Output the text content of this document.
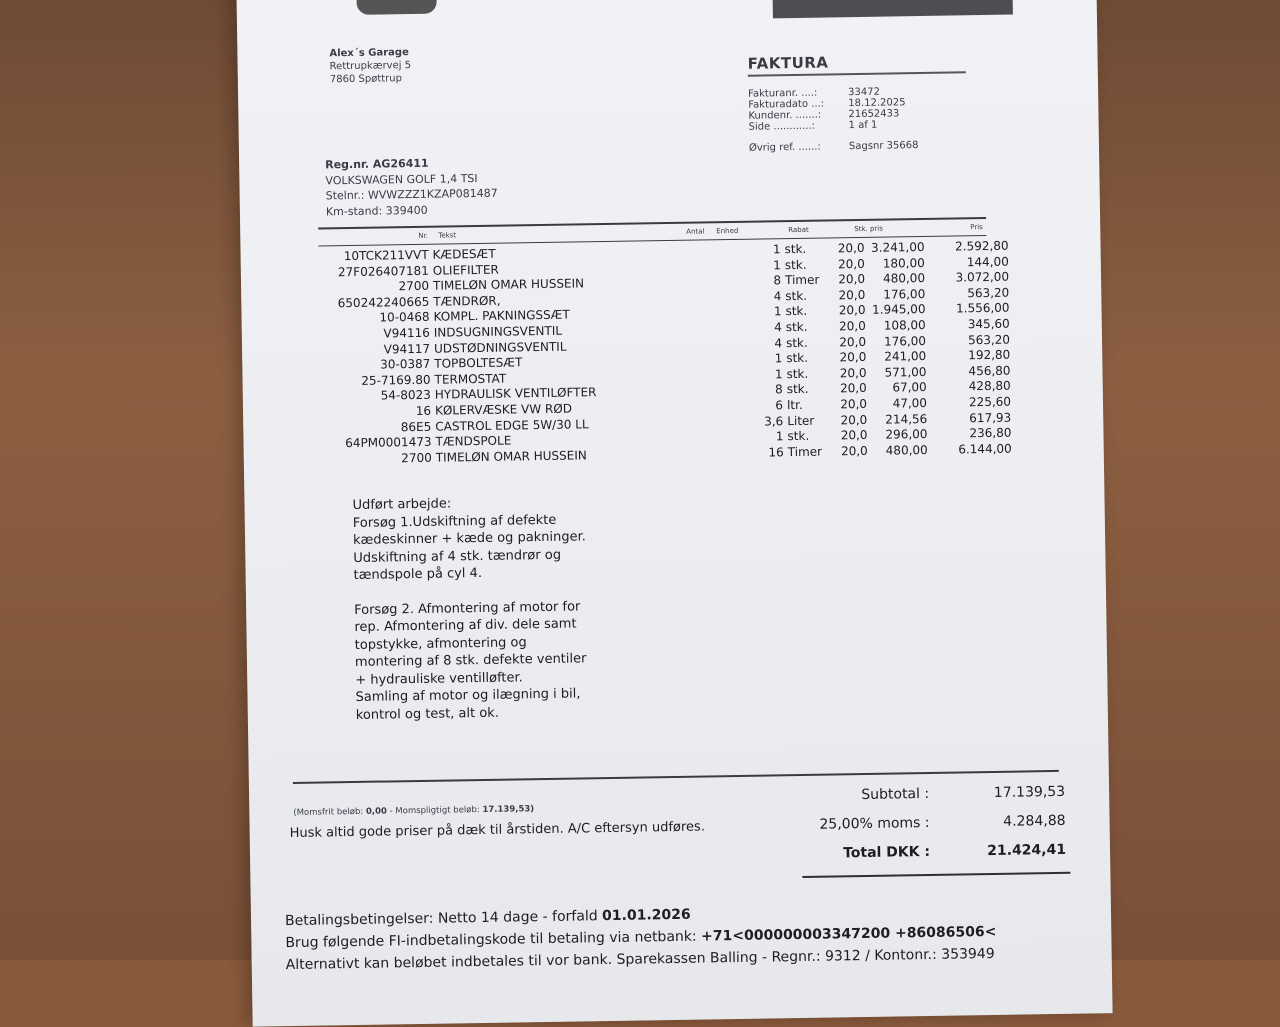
Alex´s Garage
Rettrupkærvej 5
7860 Spøttrup
FAKTURA
Fakturanr. ....:	33472
Fakturadato ...:	18.12.2025
Kundenr. .......:	21652433
Side ............:	1 af 1
Øvrig ref. ......:	Sagsnr 35668
Reg.nr. AG26411
VOLKSWAGEN GOLF 1,4 TSI
Stelnr.: WVWZZZ1KZAP081487
Km-stand: 339400
Nr. Tekst	Antal Enhed	Rabat	Stk. pris	Pris
10TCK211VVT KÆDESÆT	1 stk.	20,0 3.241,00	2.592,80
27F026407181 OLIEFILTER	1 stk.	20,0 180,00	144,00
2700 TIMELØN OMAR HUSSEIN	8 Timer 20,0 480,00	3.072,00
650242240665 TÆNDRØR,	4 stk.	20,0 176,00	563,20
10-0468 KOMPL. PAKNINGSSÆT	1 stk.	20,0 1.945,00	1.556,00
V94116 INDSUGNINGSVENTIL	4 stk.	20,0 108,00	345,60
V94117 UDSTØDNINGSVENTIL	4 stk.	20,0 176,00	563,20
30-0387 TOPBOLTESÆT	1 stk.	20,0 241,00	192,80
25-7169.80 TERMOSTAT	1 stk.	20,0 571,00	456,80
54-8023 HYDRAULISK VENTILØFTER	8 stk.	20,0 67,00	428,80
16 KØLERVÆSKE VW RØD	6 ltr.	20,0 47,00	225,60
86E5 CASTROL EDGE 5W/30 LL	3,6 Liter 20,0 214,56	617,93
64PM0001473 TÆNDSPOLE	1 stk.	20,0 296,00	236,80
2700 TIMELØN OMAR HUSSEIN	16 Timer 20,0 480,00	6.144,00

Udført arbejde:
Forsøg 1.Udskiftning af defekte
kædeskinner + kæde og pakninger.
Udskiftning af 4 stk. tændrør og
tændspole på cyl 4.

Forsøg 2. Afmontering af motor for
rep. Afmontering af div. dele samt
topstykke, afmontering og
montering af 8 stk. defekte ventiler
+ hydrauliske ventilløfter.
Samling af motor og ilægning i bil,
kontrol og test, alt ok.

(Momsfrit beløb: 0,00 - Momspligtigt beløb: 17.139,53)
Husk altid gode priser på dæk til årstiden. A/C eftersyn udføres.
Subtotal :	17.139,53
25,00% moms :	4.284,88
Total DKK :	21.424,41
Betalingsbetingelser: Netto 14 dage - forfald 01.01.2026
Brug følgende FI-indbetalingskode til betaling via netbank: +71<000000003347200 +86086506<
Alternativt kan beløbet indbetales til vor bank. Sparekassen Balling - Regnr.: 9312 / Kontonr.: 353949
